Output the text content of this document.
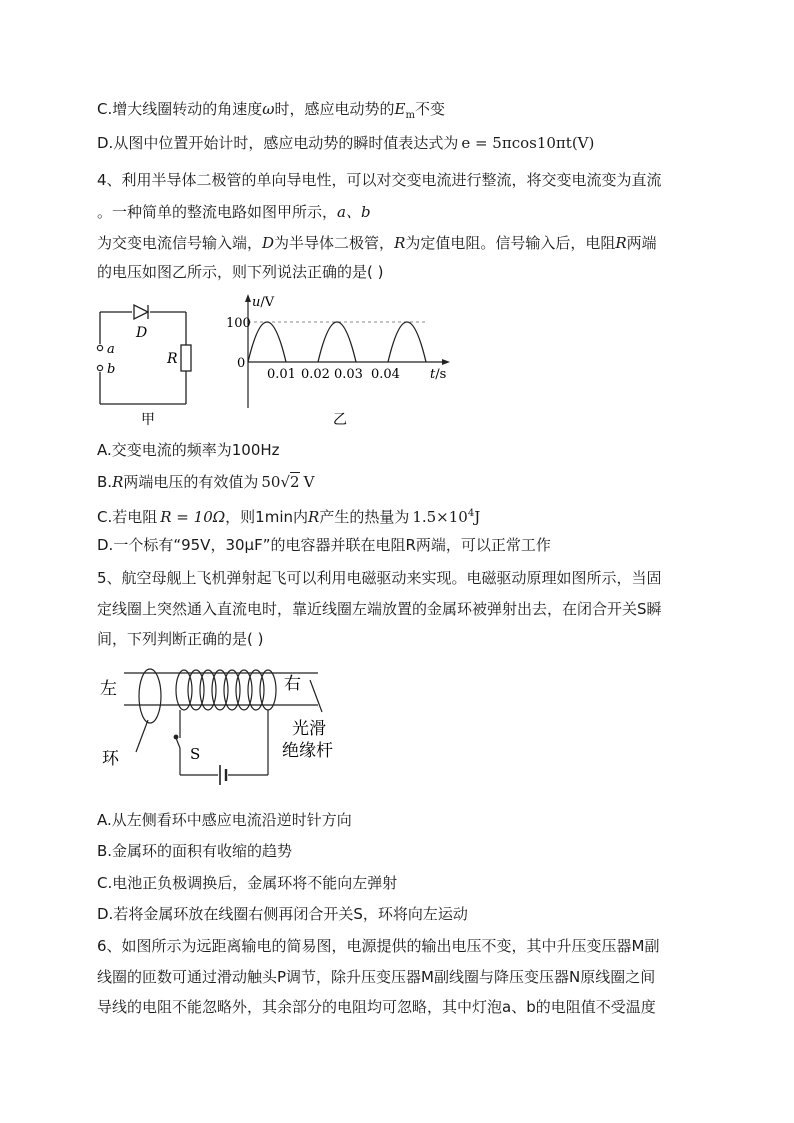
C.增大线圈转动的角速度ω时，感应电动势的$E_m$不变
D.从图中位置开始计时，感应电动势的瞬时值表达式为 e = 5πcos10πt(V)
4、利用半导体二极管的单向导电性，可以对交变电流进行整流，将交变电流变为直流
。一种简单的整流电路如图甲所示，a、b
为交变电流信号输入端，D为半导体二极管，R为定值电阻。信号输入后，电阻R两端
的电压如图乙所示，则下列说法正确的是( )
D
a
b
R
甲
u/V
100
0
0.01 0.02 0.03 0.04 t/s
乙
A.交变电流的频率为100Hz
B.R两端电压的有效值为 50√2 V
C.若电阻 R = 10Ω，则1min内R产生的热量为 $1.5\times 10^4J$
D.一个标有“95V，30μF”的电容器并联在电阻R两端，可以正常工作
5、航空母舰上飞机弹射起飞可以利用电磁驱动来实现。电磁驱动原理如图所示，当固
定线圈上突然通入直流电时，靠近线圈左端放置的金属环被弹射出去，在闭合开关S瞬
间，下列判断正确的是( )
左	右
环	S
光滑
绝缘杆
A.从左侧看环中感应电流沿逆时针方向
B.金属环的面积有收缩的趋势
C.电池正负极调换后，金属环将不能向左弹射
D.若将金属环放在线圈右侧再闭合开关S，环将向左运动
6、如图所示为远距离输电的简易图，电源提供的输出电压不变，其中升压变压器M副
线圈的匝数可通过滑动触头P调节，除升压变压器M副线圈与降压变压器N原线圈之间
导线的电阻不能忽略外，其余部分的电阻均可忽略，其中灯泡a、b的电阻值不受温度
